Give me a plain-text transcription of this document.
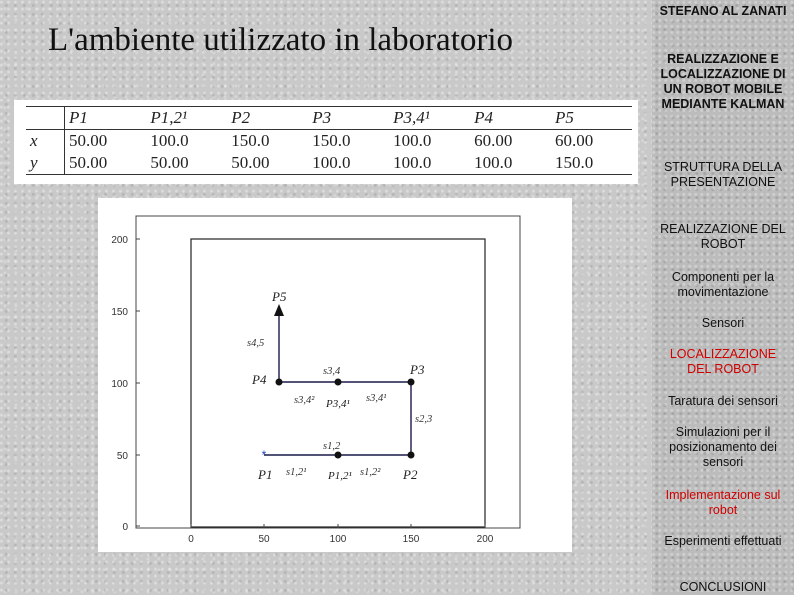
L'ambiente utilizzato in laboratorio
	P1	P1,2¹	P2	P3	P3,4¹	P4	P5
x	50.00	100.0	150.0	150.0	100.0	60.00	60.00
y	50.00	50.00	50.00	100.0	100.0	100.0	150.0
0	50	100	150	200
0
50
100
150
200
*
P1	P1,2¹	P2
P3
P3,4¹
P4
P5
s1,2
s1,2¹	s1,2²
s2,3
s3,4
s3,4¹
s3,4²
s4,5
STEFANO AL ZANATI
REALIZZAZIONE E LOCALIZZAZIONE DI UN ROBOT MOBILE MEDIANTE KALMAN
STRUTTURA DELLA PRESENTAZIONE
REALIZZAZIONE DEL ROBOT
Componenti per la movimentazione
Sensori
LOCALIZZAZIONE DEL ROBOT
Taratura dei sensori
Simulazioni per il posizionamento dei sensori
Implementazione sul robot
Esperimenti effettuati
CONCLUSIONI
